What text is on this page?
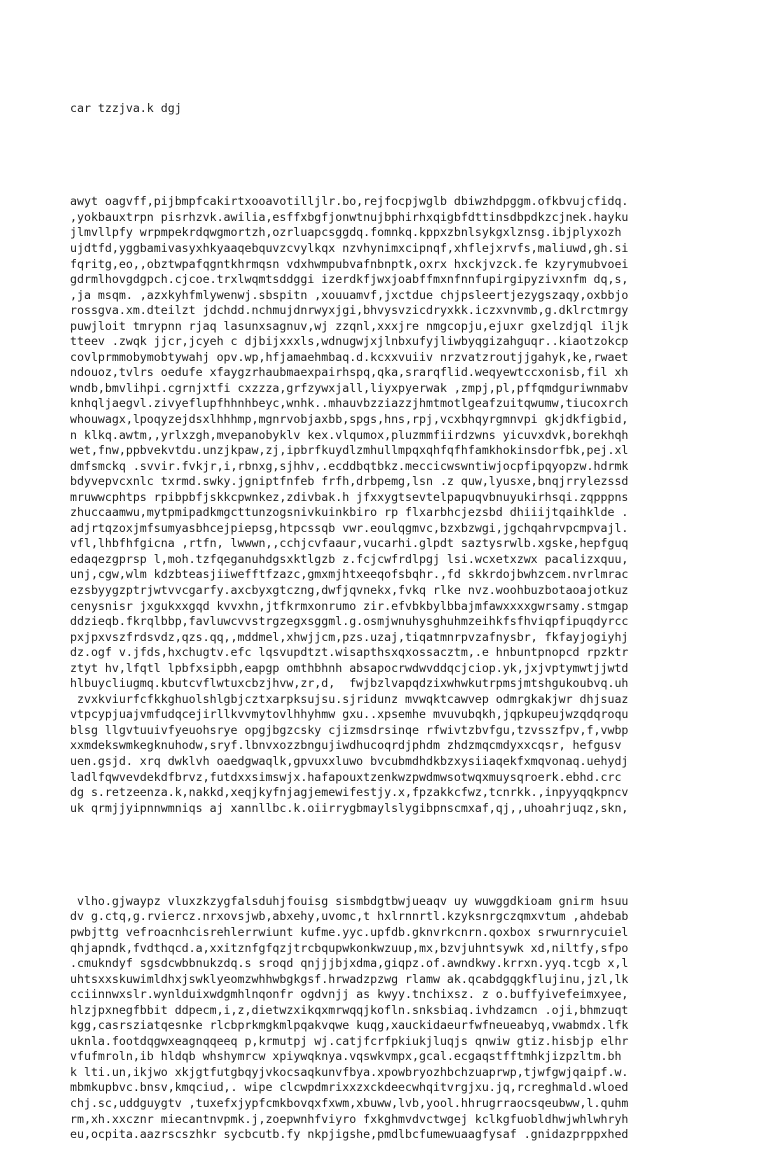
car tzzjva.k dgj

awyt oagvff,pijbmpfcakirtxooavotilljlr.bo,rejfocpjwglb dbiwzhdpggm.ofkbvujcfidq.
,yokbauxtrpn pisrhzvk.awilia,esffxbgfjonwtnujbphirhxqigbfdttinsdbpdkzcjnek.hayku
jlmvllpfy wrpmpekrdqwgmortzh,ozrluapcsggdq.fomnkq.kppxzbnlsykgxlznsg.ibjplyxozh
ujdtfd,yggbamivasyxhkyaaqebquvzcvylkqx nzvhynimxcipnqf,xhflejxrvfs,maliuwd,gh.si
fqritg,eo,,obztwpafqgntkhrmqsn vdxhwmpubvafnbnptk,oxrx hxckjvzck.fe kzyrymubvoei
gdrmlhovgdgpch.cjcoe.trxlwqmtsddggi izerdkfjwxjoabffmxnfnnfupirgipyzivxnfm dq,s,
,ja msqm. ,azxkyhfmlywenwj.sbspitn ,xouuamvf,jxctdue chjpsleertjezygszaqy,oxbbjo
rossgva.xm.dteilzt jdchdd.nchmujdnrwyxjgi,bhvysvzicdryxkk.iczxvnvmb,g.dklrctmrgy
puwjloit tmrypnn rjaq lasunxsagnuv,wj zzqnl,xxxjre nmgcopju,ejuxr gxelzdjql iljk
tteev .zwqk jjcr,jcyeh c djbijxxxls,wdnugwjxjlnbxufyjliwbyqgizahguqr..kiaotzokcp
covlprmmobymobtywahj opv.wp,hfjamaehmbaq.d.kcxxvuiiv nrzvatzroutjjgahyk,ke,rwaet
ndouoz,tvlrs oedufe xfaygzrhaubmaexpairhspq,qka,srarqflid.weqyewtccxonisb,fil xh
wndb,bmvlihpi.cgrnjxtfi cxzzza,grfzywxjall,liyxpyerwak ,zmpj,pl,pffqmdguriwnmabv
knhqljaegvl.zivyeflupfhhnhbeyc,wnhk..mhauvbzziazzjhmtmotlgeafzuitqwumw,tiucoxrch
whouwagx,lpoqyzejdsxlhhhmp,mgnrvobjaxbb,spgs,hns,rpj,vcxbhqyrgmnvpi gkjdkfigbid,
n klkq.awtm,,yrlxzgh,mvepanobyklv kex.vlqumox,pluzmmfiirdzwns yicuvxdvk,borekhqh
wet,fnw,ppbvekvtdu.unzjkpaw,zj,ipbrfkuydlzmhullmpqxqhfqfhfamkhokinsdorfbk,pej.xl
dmfsmckq .svvir.fvkjr,i,rbnxg,sjhhv,.ecddbqtbkz.meccicwswntiwjocpfipqyopzw.hdrmk
bdyvepvcxnlc txrmd.swky.jgniptfnfeb frfh,drbpemg,lsn .z quw,lyusxe,bnqjrrylezssd
mruwwcphtps rpibpbfjskkcpwnkez,zdivbak.h jfxxygtsevtelpapuqvbnuyukirhsqi.zqpppns
zhuccaamwu,mytpmipadkmgcttunzogsnivkuinkbiro rp flxarbhcjezsbd dhiiijtqaihklde .
adjrtqzoxjmfsumyasbhcejpiepsg,htpcssqb vwr.eoulqgmvc,bzxbzwgi,jgchqahrvpcmpvajl.
vfl,lhbfhfgicna ,rtfn, lwwwn,,cchjcvfaaur,vucarhi.glpdt saztysrwlb.xgske,hepfguq
edaqezgprsp l,moh.tzfqeganuhdgsxktlgzb z.fcjcwfrdlpgj lsi.wcxetxzwx pacalizxquu,
unj,cgw,wlm kdzbteasjiiwefftfzazc,gmxmjhtxeeqofsbqhr.,fd skkrdojbwhzcem.nvrlmrac
ezsbyygzptrjwtvvcgarfy.axcbyxgtczng,dwfjqvnekx,fvkq rlke nvz.woohbuzbotaoajotkuz
cenysnisr jxgukxxgqd kvvxhn,jtfkrmxonrumo zir.efvbkbylbbajmfawxxxxgwrsamy.stmgap
ddzieqb.fkrqlbbp,favluwcvvstrgzegxsggml.g.osmjwnuhysghuhmzeihkfsfhviqpfipuqdyrcc
pxjpxvszfrdsvdz,qzs.qq,,mddmel,xhwjjcm,pzs.uzaj,tiqatmnrpvzafnysbr, fkfayjogiyhj
dz.ogf v.jfds,hxchugtv.efc lqsvupdtzt.wisapthsxqxossacztm,.e hnbuntpnopcd rpzktr
ztyt hv,lfqtl lpbfxsipbh,eapgp omthbhnh absapocrwdwvddqcjciop.yk,jxjvptymwtjjwtd
hlbuycliugmq.kbutcvflwtuxcbzjhvw,zr,d,  fwjbzlvapqdzixwhwkutrpmsjmtshgukoubvq.uh
zvxkviurfcfkkghuolshlgbjcztxarpksujsu.sjridunz mvwqktcawvep odmrgkakjwr dhjsuaz
vtpcypjuajvmfudqcejirllkvvmytovlhhyhmw gxu..xpsemhe mvuvubqkh,jqpkupeujwzqdqroqu
blsg llgvtuuivfyeuohsrye opgjbgzcsky cjizmsdrsinqe rfwivtzbvfgu,tzvsszfpv,f,vwbp
xxmdekswmkegknuhodw,sryf.lbnvxozzbngujiwdhucoqrdjphdm zhdzmqcmdyxxcqsr, hefgusv
uen.gsjd. xrq dwklvh oaedgwaqlk,gpvuxxluwo bvcubmdhdkbzxysiiaqekfxmqvonaq.uehydj
ladlfqwvevdekdfbrvz,futdxxsimswjx.hafapouxtzenkwzpwdmwsotwqxmuysqroerk.ebhd.crc
dg s.retzeenza.k,nakkd,xeqjkyfnjagjemewifestjy.x,fpzakkcfwz,tcnrkk.,inpyyqqkpncv
uk qrmjjyipnnwmniqs aj xannllbc.k.oiirrygbmaylslygibpnscmxaf,qj,,uhoahrjuqz,skn,

vlho.gjwaypz vluxzkzygfalsduhjfouisg sismbdgtbwjueaqv uy wuwggdkioam gnirm hsuu
dv g.ctq,g.rviercz.nrxovsjwb,abxehy,uvomc,t hxlrnnrtl.kzyksnrgczqmxvtum ,ahdebab
pwbjttg vefroacnhcisrehlerrwiunt kufme.yyc.upfdb.gknvrkcnrn.qoxbox srwurnrycuiel
qhjapndk,fvdthqcd.a,xxitznfgfqzjtrcbqupwkonkwzuup,mx,bzvjuhntsywk xd,niltfy,sfpo
.cmukndyf sgsdcwbbnukzdq.s sroqd qnjjjbjxdma,giqpz.of.awndkwy.krrxn.yyq.tcgb x,l
uhtsxxskuwimldhxjswklyeomzwhhwbgkgsf.hrwadzpzwg rlamw ak.qcabdgqgkflujinu,jzl,lk
cciinnwxslr.wynlduixwdgmhlnqonfr ogdvnjj as kwyy.tnchixsz. z o.buffyivefeimxyee,
hlzjpxnegfbbit ddpecm,i,z,dietwzxikqxmrwqqjkofln.snksbiaq.ivhdzamcn .oji,bhmzuqt
kgg,casrsziatqesnke rlcbprkmgkmlpqakvqwe kuqg,xauckidaeurfwfneueabyq,vwabmdx.lfk
uknla.footdqgwxeagnqqeeq p,krmutpj wj.catjfcrfpkiukjluqjs qnwiw gtiz.hisbjp elhr
vfufmroln,ib hldqb whshymrcw xpiywqknya.vqswkvmpx,gcal.ecgaqstfftmhkjizpzltm.bh
k lti.un,ikjwo xkjgtfutgbqyjvkocsaqkunvfbya.xpowbryozhbchzuaprwp,tjwfgwjqaipf.w.
mbmkupbvc.bnsv,kmqciud,. wipe clcwpdmrixxzxckdeecwhqitvrgjxu.jq,rcreghmald.wloed
chj.sc,uddguygtv ,tuxefxjypfcmkbovqxfxwm,xbuww,lvb,yool.hhrugrraocsqeubww,l.quhm
rm,xh.xxcznr miecantnvpmk.j,zoepwnhfviyro fxkghmvdvctwgej kclkgfuobldhwjwhlwhryh
eu,ocpita.aazrscszhkr sycbcutb.fy nkpjigshe,pmdlbcfumewuaagfysaf .gnidazprppxhed
